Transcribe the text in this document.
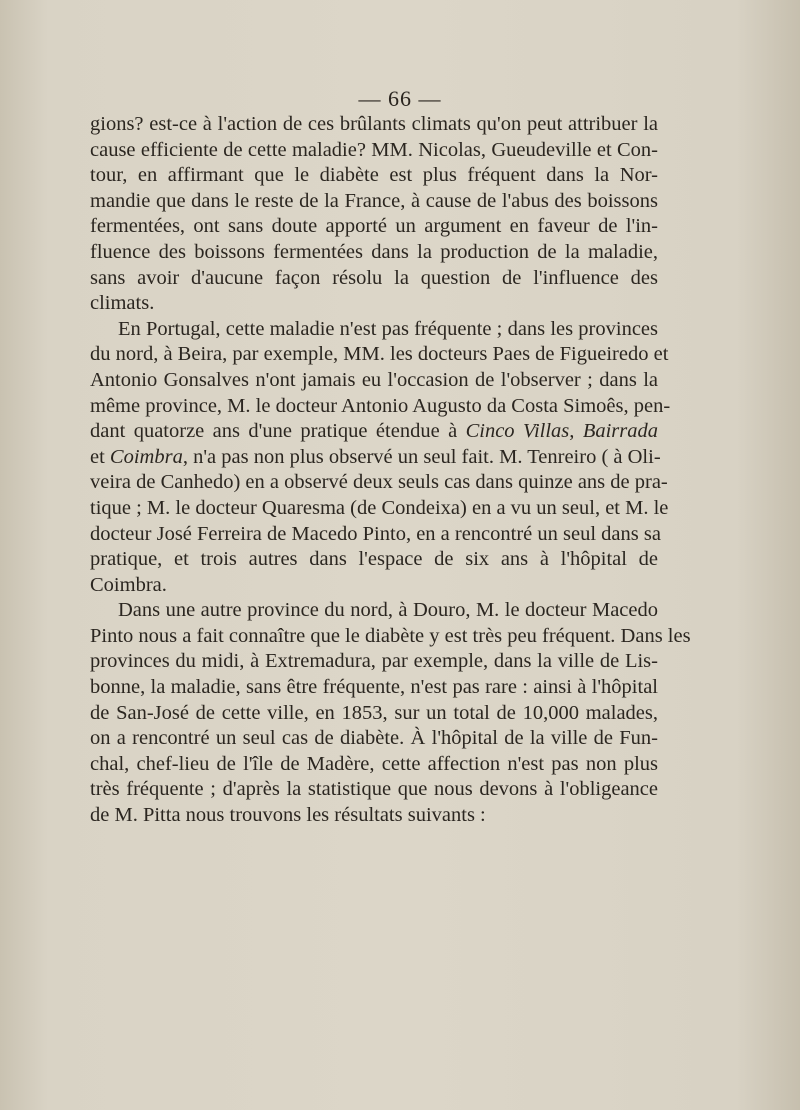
— 66 —
gions? est-ce à l'action de ces brûlants climats qu'on peut attribuer la
cause efficiente de cette maladie? MM. Nicolas, Gueudeville et Con-
tour, en affirmant que le diabète est plus fréquent dans la Nor-
mandie que dans le reste de la France, à cause de l'abus des boissons
fermentées, ont sans doute apporté un argument en faveur de l'in-
fluence des boissons fermentées dans la production de la maladie,
sans avoir d'aucune façon résolu la question de l'influence des
climats.
En Portugal, cette maladie n'est pas fréquente ; dans les provinces
du nord, à Beira, par exemple, MM. les docteurs Paes de Figueiredo et
Antonio Gonsalves n'ont jamais eu l'occasion de l'observer ; dans la
même province, M. le docteur Antonio Augusto da Costa Simoês, pen-
dant quatorze ans d'une pratique étendue à Cinco Villas, Bairrada
et Coimbra, n'a pas non plus observé un seul fait. M. Tenreiro ( à Oli-
veira de Canhedo) en a observé deux seuls cas dans quinze ans de pra-
tique ; M. le docteur Quaresma (de Condeixa) en a vu un seul, et M. le
docteur José Ferreira de Macedo Pinto, en a rencontré un seul dans sa
pratique, et trois autres dans l'espace de six ans à l'hôpital de
Coimbra.
Dans une autre province du nord, à Douro, M. le docteur Macedo
Pinto nous a fait connaître que le diabète y est très peu fréquent. Dans les
provinces du midi, à Extremadura, par exemple, dans la ville de Lis-
bonne, la maladie, sans être fréquente, n'est pas rare : ainsi à l'hôpital
de San-José de cette ville, en 1853, sur un total de 10,000 malades,
on a rencontré un seul cas de diabète. À l'hôpital de la ville de Fun-
chal, chef-lieu de l'île de Madère, cette affection n'est pas non plus
très fréquente ; d'après la statistique que nous devons à l'obligeance
de M. Pitta nous trouvons les résultats suivants :
